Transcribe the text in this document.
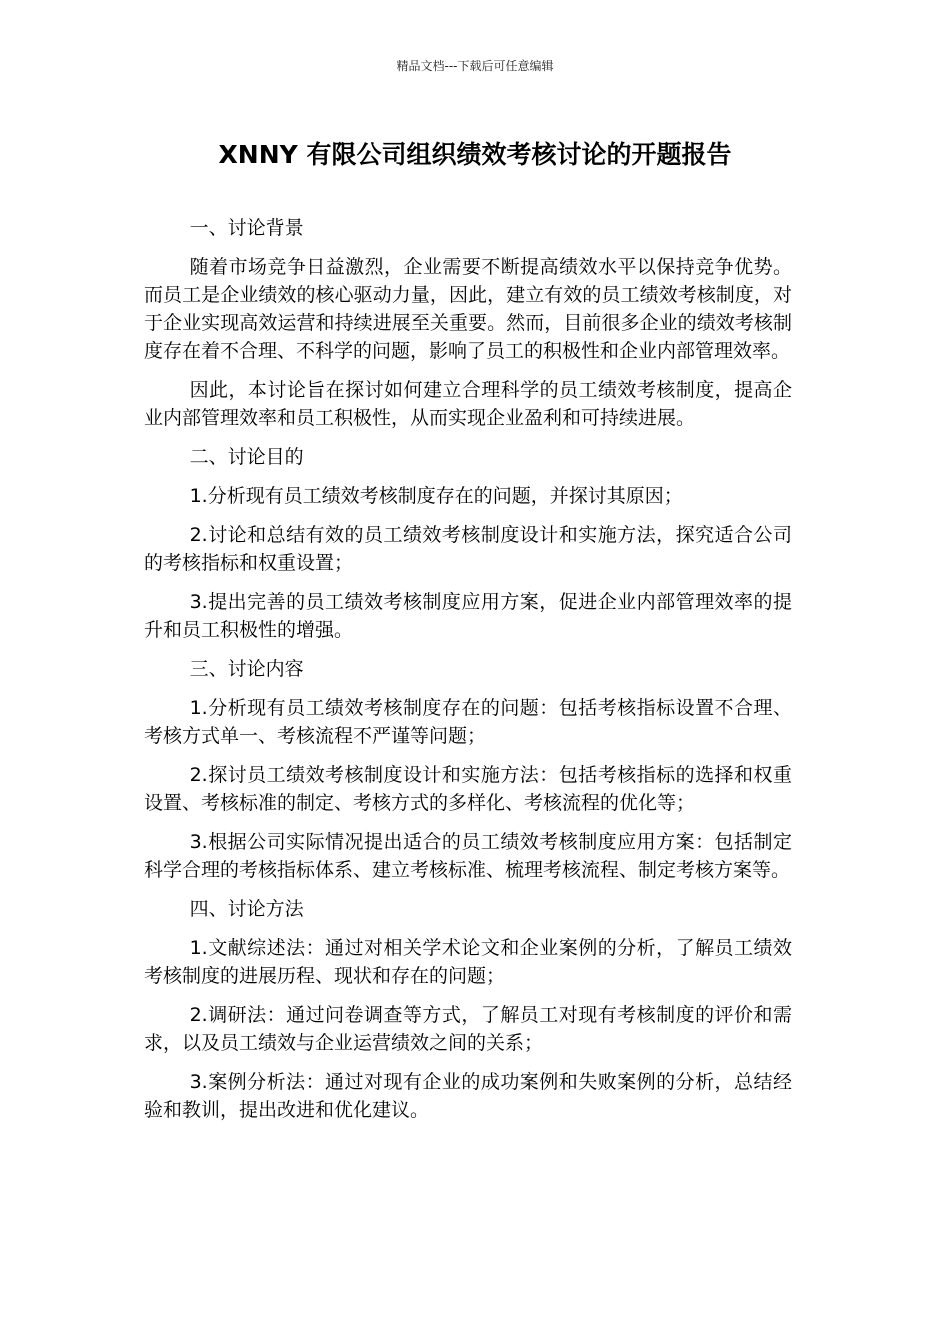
精品文档---下载后可任意编辑
XNNY 有限公司组织绩效考核讨论的开题报告

一、讨论背景

随着市场竞争日益激烈，企业需要不断提高绩效水平以保持竞争优势。而员工是企业绩效的核心驱动力量，因此，建立有效的员工绩效考核制度，对于企业实现高效运营和持续进展至关重要。然而，目前很多企业的绩效考核制度存在着不合理、不科学的问题，影响了员工的积极性和企业内部管理效率。

因此，本讨论旨在探讨如何建立合理科学的员工绩效考核制度，提高企业内部管理效率和员工积极性，从而实现企业盈利和可持续进展。

二、讨论目的

1.分析现有员工绩效考核制度存在的问题，并探讨其原因；

2.讨论和总结有效的员工绩效考核制度设计和实施方法，探究适合公司的考核指标和权重设置；

3.提出完善的员工绩效考核制度应用方案，促进企业内部管理效率的提升和员工积极性的增强。

三、讨论内容

1.分析现有员工绩效考核制度存在的问题：包括考核指标设置不合理、考核方式单一、考核流程不严谨等问题；

2.探讨员工绩效考核制度设计和实施方法：包括考核指标的选择和权重设置、考核标准的制定、考核方式的多样化、考核流程的优化等；

3.根据公司实际情况提出适合的员工绩效考核制度应用方案：包括制定科学合理的考核指标体系、建立考核标准、梳理考核流程、制定考核方案等。

四、讨论方法

1.文献综述法：通过对相关学术论文和企业案例的分析，了解员工绩效考核制度的进展历程、现状和存在的问题；

2.调研法：通过问卷调查等方式，了解员工对现有考核制度的评价和需求，以及员工绩效与企业运营绩效之间的关系；

3.案例分析法：通过对现有企业的成功案例和失败案例的分析，总结经验和教训，提出改进和优化建议。
